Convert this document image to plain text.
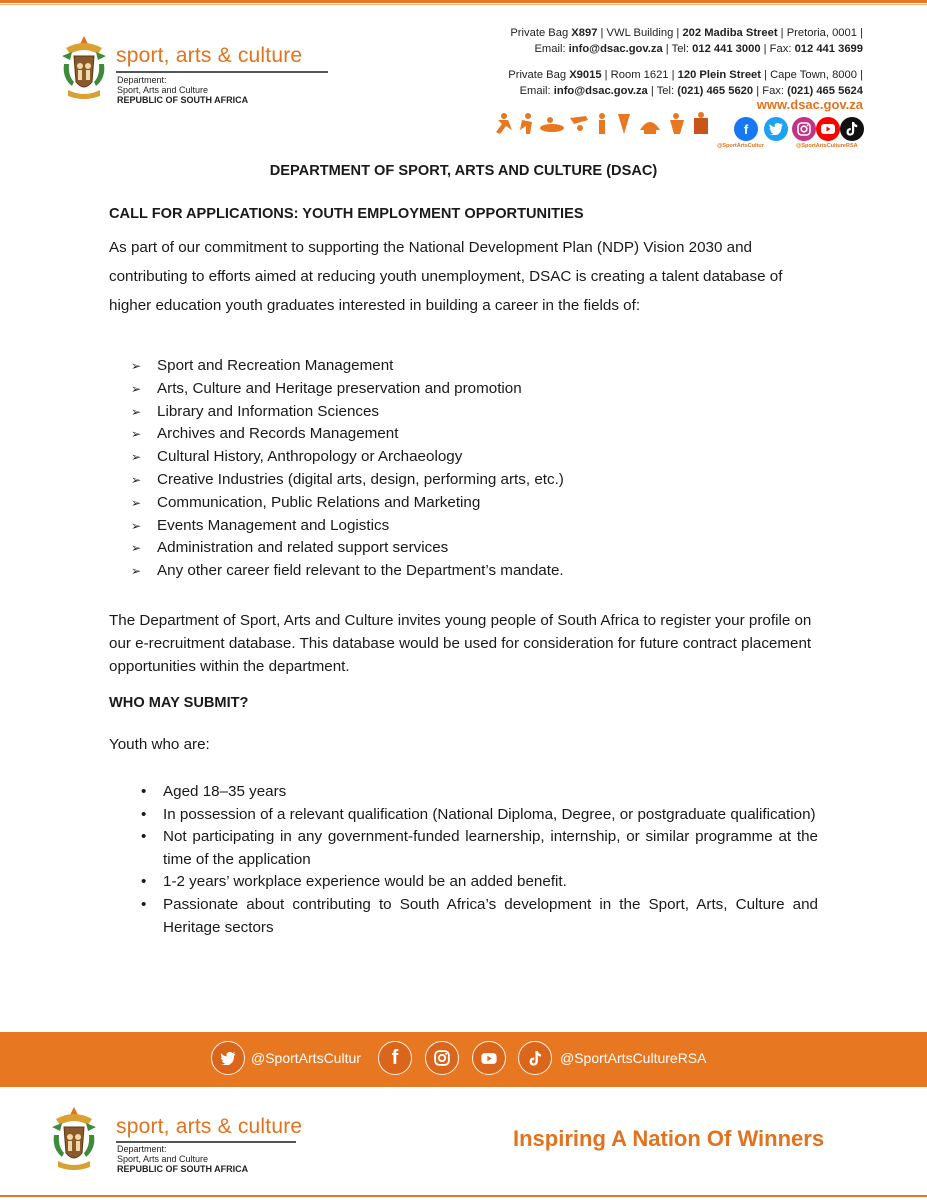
sport, arts & culture
Department:
Sport, Arts and Culture
REPUBLIC OF SOUTH AFRICA
Private Bag X897 | VWL Building | 202 Madiba Street | Pretoria, 0001 |
Email: info@dsac.gov.za | Tel: 012 441 3000 | Fax: 012 441 3699
Private Bag X9015 | Room 1621 | 120 Plein Street | Cape Town, 8000 |
Email: info@dsac.gov.za | Tel: (021) 465 5620 | Fax: (021) 465 5624
www.dsac.gov.za
f
@SportArtsCultur	@SportArtsCultureRSA
DEPARTMENT OF SPORT, ARTS AND CULTURE (DSAC)
CALL FOR APPLICATIONS: YOUTH EMPLOYMENT OPPORTUNITIES
As part of our commitment to supporting the National Development Plan (NDP) Vision 2030 and contributing to efforts aimed at reducing youth unemployment, DSAC is creating a talent database of higher education youth graduates interested in building a career in the fields of:
➢ Sport and Recreation Management
➢ Arts, Culture and Heritage preservation and promotion
➢ Library and Information Sciences
➢ Archives and Records Management
➢ Cultural History, Anthropology or Archaeology
➢ Creative Industries (digital arts, design, performing arts, etc.)
➢ Communication, Public Relations and Marketing
➢ Events Management and Logistics
➢ Administration and related support services
➢ Any other career field relevant to the Department’s mandate.
The Department of Sport, Arts and Culture invites young people of South Africa to register your profile on our e-recruitment database. This database would be used for consideration for future contract placement opportunities within the department.
WHO MAY SUBMIT?
Youth who are:
• Aged 18–35 years
• In possession of a relevant qualification (National Diploma, Degree, or postgraduate qualification)
• Not participating in any government-funded learnership, internship, or similar programme at the time of the application
• 1-2 years’ workplace experience would be an added benefit.
• Passionate about contributing to South Africa’s development in the Sport, Arts, Culture and Heritage sectors
@SportArtsCultur	f	@SportArtsCultureRSA
sport, arts & culture
Department:
Sport, Arts and Culture
REPUBLIC OF SOUTH AFRICA
Inspiring A Nation Of Winners
